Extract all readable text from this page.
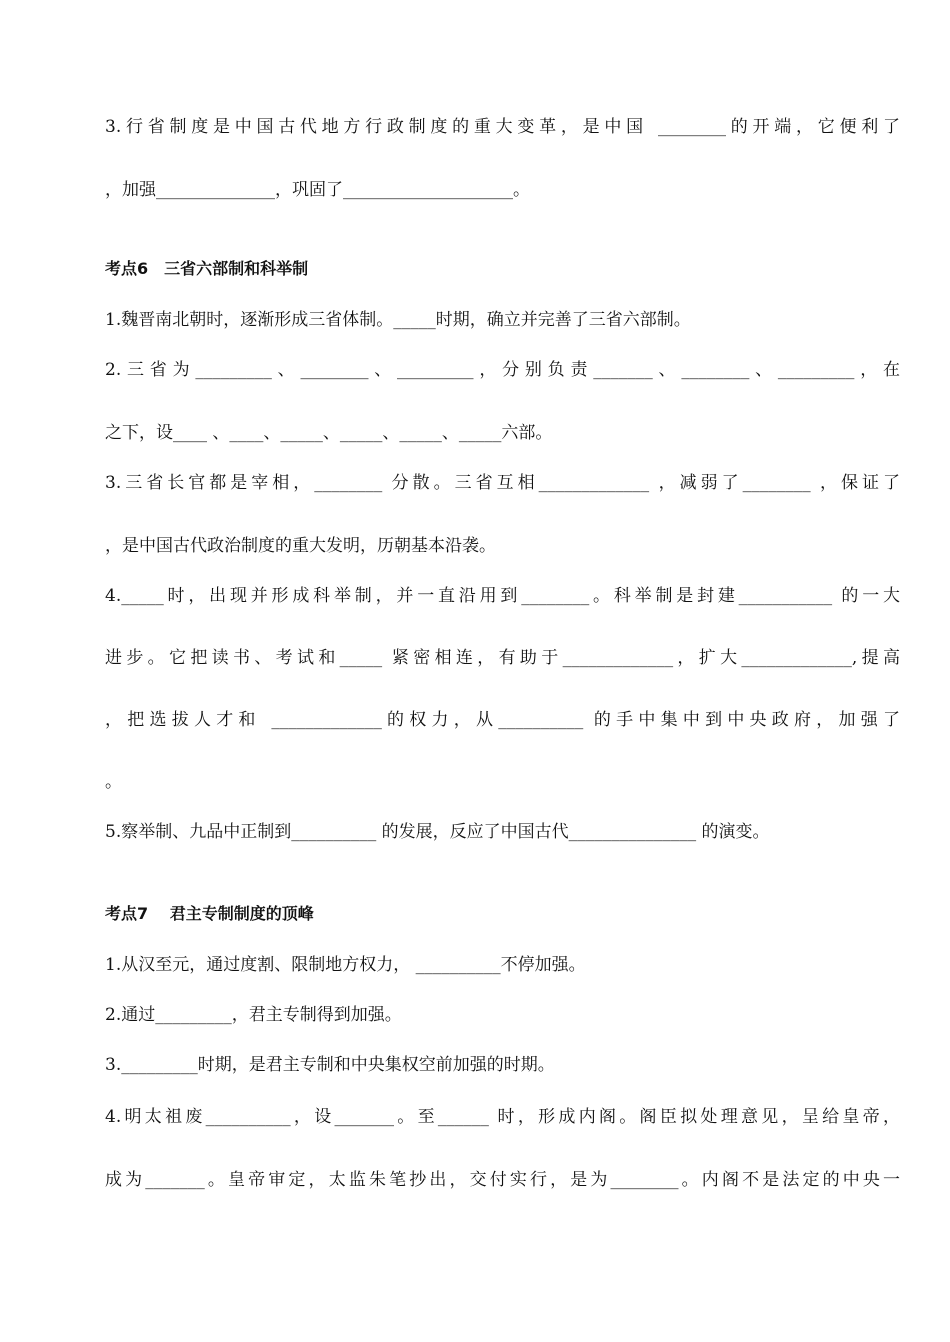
3.行省制度是中国古代地方行政制度的重大变革，是中国 ________的开端，它便利了
，加强______________，巩固了____________________。
考点6　三省六部制和科举制
1.魏晋南北朝时，逐渐形成三省体制。_____时期，确立并完善了三省六部制。
2.三省为_________、________、_________，分别负责_______、________、_________，在
之下，设____ 、____、_____、_____、_____、_____六部。
3.三省长官都是宰相，________ 分散。三省互相_____________ ，减弱了________ ，保证了
，是中国古代政治制度的重大发明，历朝基本沿袭。
4._____时，出现并形成科举制，并一直沿用到________。科举制是封建___________ 的一大
进步。它把读书、考试和_____ 紧密相连，有助于_____________，扩大_____________,提高
，把选拔人才和 _____________的权力，从__________ 的手中集中到中央政府，加强了
。
5.察举制、九品中正制到__________ 的发展，反应了中国古代_______________ 的演变。
考点7　 君主专制制度的顶峰
1.从汉至元，通过度割、限制地方权力， __________不停加强。
2.通过_________，君主专制得到加强。
3._________时期，是君主专制和中央集权空前加强的时期。
4.明太祖废__________，设_______。至______ 时，形成内阁。阁臣拟处理意见，呈给皇帝，
成为_______。皇帝审定，太监朱笔抄出，交付实行，是为________。内阁不是法定的中央一
